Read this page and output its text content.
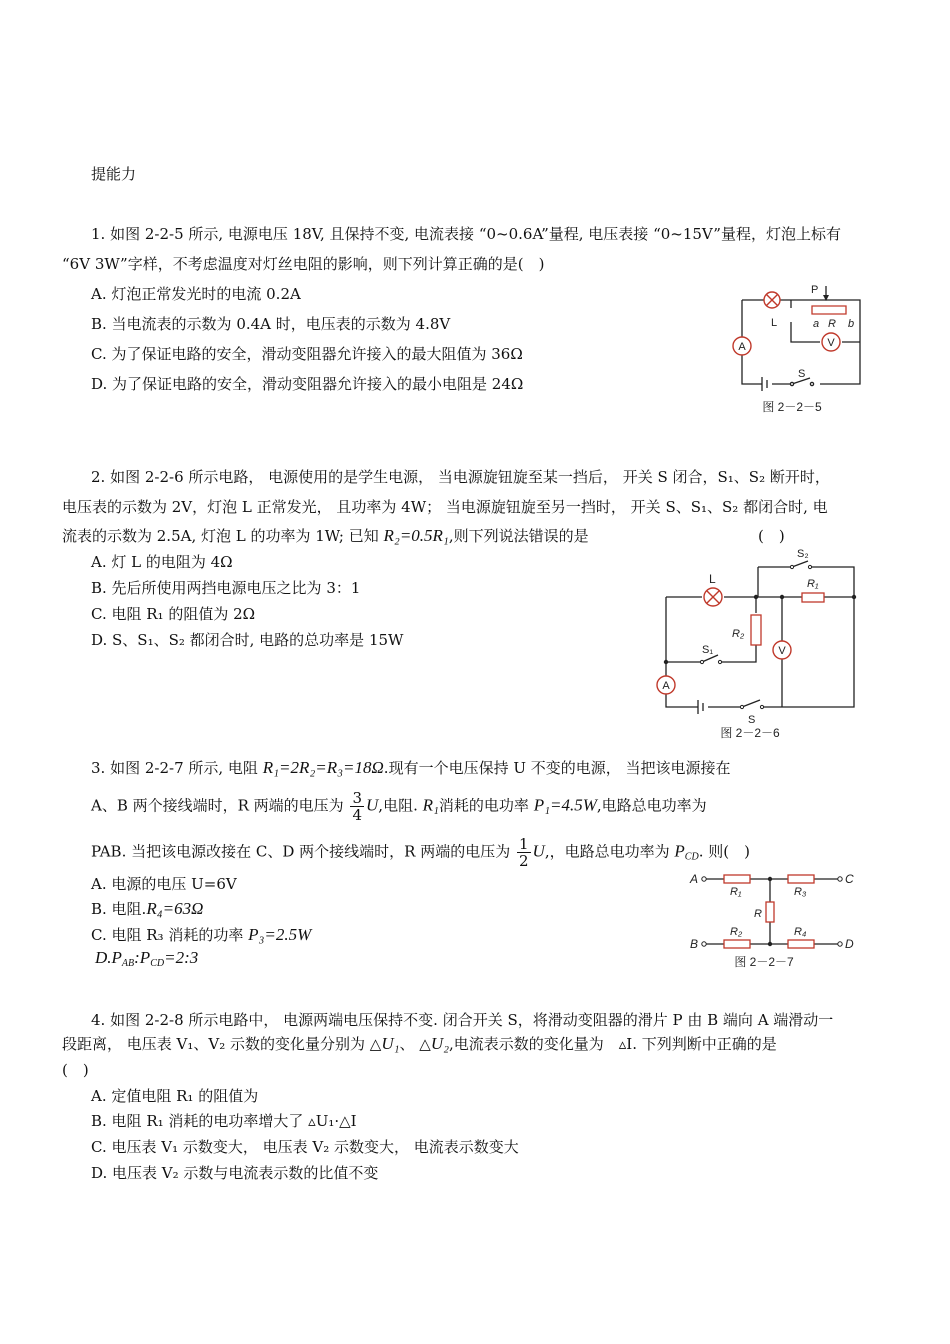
提能力
1. 如图 2-2-5 所示, 电源电压 18V, 且保持不变, 电流表接 “0~0.6A”量程, 电压表接 “0~15V”量程，灯泡上标有
“6V 3W”字样，不考虑温度对灯丝电阻的影响，则下列计算正确的是(　)
A. 灯泡正常发光时的电流 0.2A
B. 当电流表的示数为 0.4A 时，电压表的示数为 4.8V
C. 为了保证电路的安全，滑动变阻器允许接入的最大阻值为 36Ω
D. 为了保证电路的安全，滑动变阻器允许接入的最小电阻是 24Ω
A	V
L
P
a R b
S
图 2－2－5
2. 如图 2-2-6 所示电路， 电源使用的是学生电源， 当电源旋钮旋至某一挡后， 开关 S 闭合，S₁、S₂ 断开时，
电压表的示数为 2V，灯泡 L 正常发光， 且功率为 4W； 当电源旋钮旋至另一挡时， 开关 S、S₁、S₂ 都闭合时, 电
流表的示数为 2.5A, 灯泡 L 的功率为 1W; 已知 R₂=0.5R₁,则下列说法错误的是	(　)
A. 灯 L 的电阻为 4Ω
B. 先后所使用两挡电源电压之比为 3：1
C. 电阻 R₁ 的阻值为 2Ω
D. S、S₁、S₂ 都闭合时, 电路的总功率是 15W
A
V
L
S₂
R₁
R₂
S₁
S
图 2－2－6
3. 如图 2-2-7 所示, 电阻 R₁=2R₂=R₃=18Ω.现有一个电压保持 U 不变的电源， 当把该电源接在
A、B 两个接线端时，R 两端的电压为 $\frac{3}{4} U$,电阻. R₁消耗的电功率 P₁=4.5W,电路总电功率为
PAB. 当把该电源改接在 C、D 两个接线端时，R 两端的电压为 $\frac{1}{2} U$,，电路总电功率为 $P_{CD}$. 则(　)
A. 电源的电压 U=6V
B. 电阻.R₄=63Ω
C. 电阻 R₃ 消耗的功率 P₃=2.5W
$D.P_{AB}:P_{CD}=2:3$
A
B
C
D
R₁	R₃
R₂	R₄
R
图 2－2－7
4. 如图 2-2-8 所示电路中， 电源两端电压保持不变. 闭合开关 S，将滑动变阻器的滑片 P 由 B 端向 A 端滑动一
段距离， 电压表 V₁、V₂ 示数的变化量分别为 △U₁、 △U₂,电流表示数的变化量为　▵I. 下列判断中正确的是
(　)
A. 定值电阻 R₁ 的阻值为
B. 电阻 R₁ 消耗的电功率增大了 ▵U₁·△I
C. 电压表 V₁ 示数变大， 电压表 V₂ 示数变大， 电流表示数变大
D. 电压表 V₂ 示数与电流表示数的比值不变
